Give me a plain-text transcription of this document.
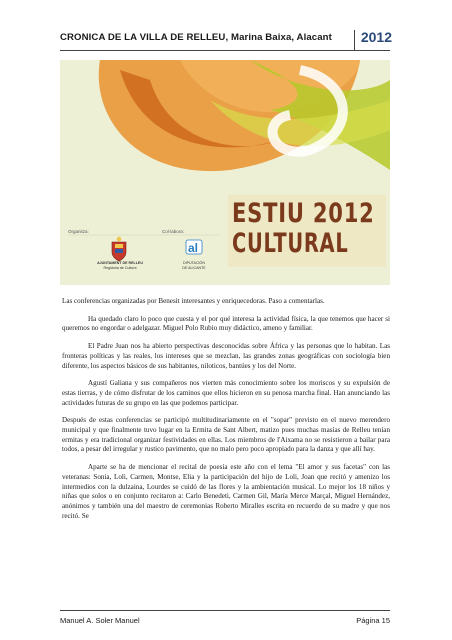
CRONICA DE LA VILLA DE RELLEU, Marina Baixa, Alacant 2012
al
Organitza:	Col·labora:
AJUNTAMENT DE RELLEU
Regidoria de Cultura
DIPUTACIÓN
DE ALICANTE
ESTIU 2012
CULTURAL

Las conferencias organizadas por Benesit interesantes y enriquecedoras. Paso a comentarlas.

Ha quedado claro lo poco que cuesta y el por qué interesa la actividad física, la que tenemos que hacer si queremos no engordar o adelgazar. Miguel Polo Rubio muy didáctico, ameno y familiar.

El Padre Juan nos ha abierto perspectivas desconocidas sobre África y las personas que lo habitan. Las fronteras políticas y las reales, los intereses que se mezclan, las grandes zonas geográficas con sociología bien diferente, los aspectos básicos de sus habitantes, niloticos, bantúes y los del Norte.

Agustí Galiana y sus compañeros nos vierten más conocimiento sobre los moriscos y su expulsión de estas tierras, y de cómo disfrutar de los caminos que ellos hicieron en su penosa marcha final. Han anunciando las actividades futuras de su grupo en las que podemos participar.

Después de estas conferencias se participó multitudinariamente en el "sopar" previsto en el nuevo merendero municipal y que finalmente tuvo lugar en la Ermita de Sant Albert, matizo pues muchas masías de Relleu tenían ermitas y era tradicional organizar festividades en ellas. Los miembros de l'Aixama no se resistieron a bailar para todos, a pesar del irregular y rustico pavimento, que no malo pero poco apropiado para la danza y que allí hay.

Aparte se ha de mencionar el recital de poesía este año con el lema "El amor y sus facetas" con las veteranas: Sonia, Loli, Carmen, Montse, Elia y la participación del hijo de Loli, Joan que recitó y amenizo los intermedios con la dulzaina, Lourdes se cuidó de las flores y la ambientación musical. Lo mejor los 18 niños y niñas que solos o en conjunto recitaron a: Carlo Benedeti, Carmen Gil, María Merce Marçal, Miguel Hernández, anónimos y también una del maestro de ceremonias Roberto Miralles escrita en recuerdo de su madre y que nos recitó. Se

Manuel A. Soler Manuel	Página 15
